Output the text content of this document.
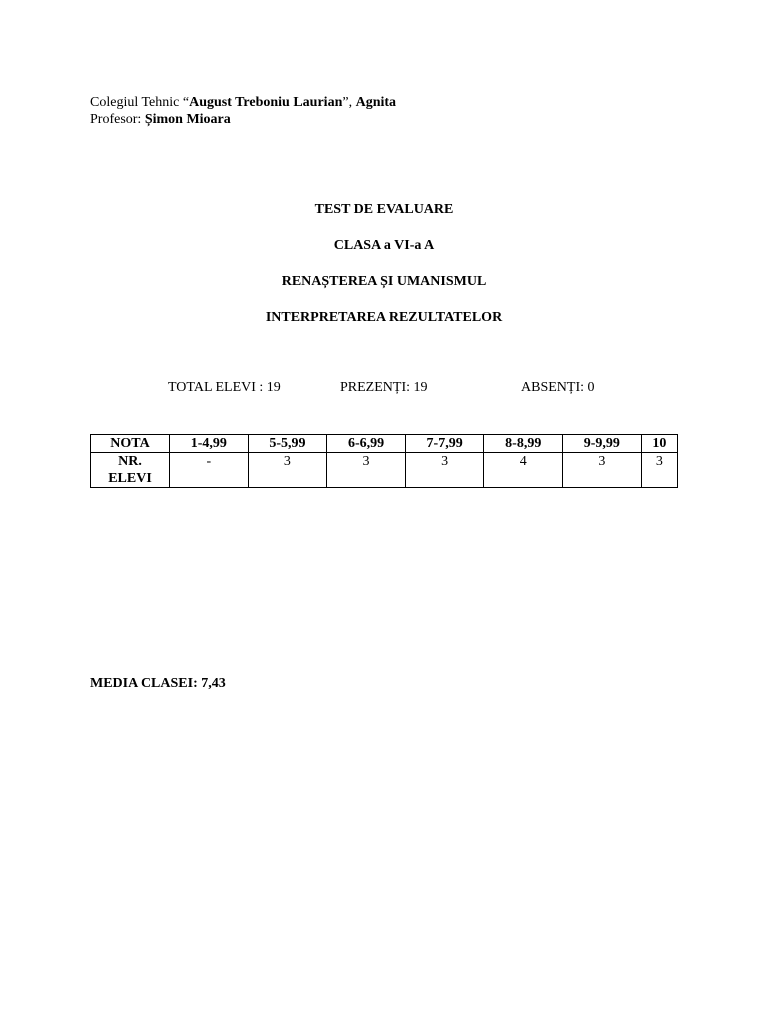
Colegiul Tehnic “August Treboniu Laurian”, Agnita
Profesor: Șimon Mioara
TEST DE EVALUARE
CLASA a VI-a A
RENAȘTEREA ȘI UMANISMUL
INTERPRETAREA REZULTATELOR
TOTAL ELEVI : 19	PREZENȚI: 19	ABSENȚI: 0
NOTA	1-4,99	5-5,99	6-6,99	7-7,99	8-8,99	9-9,99	10

NR.
ELEVI	-	3	3	3	4	3	3
MEDIA CLASEI: 7,43
